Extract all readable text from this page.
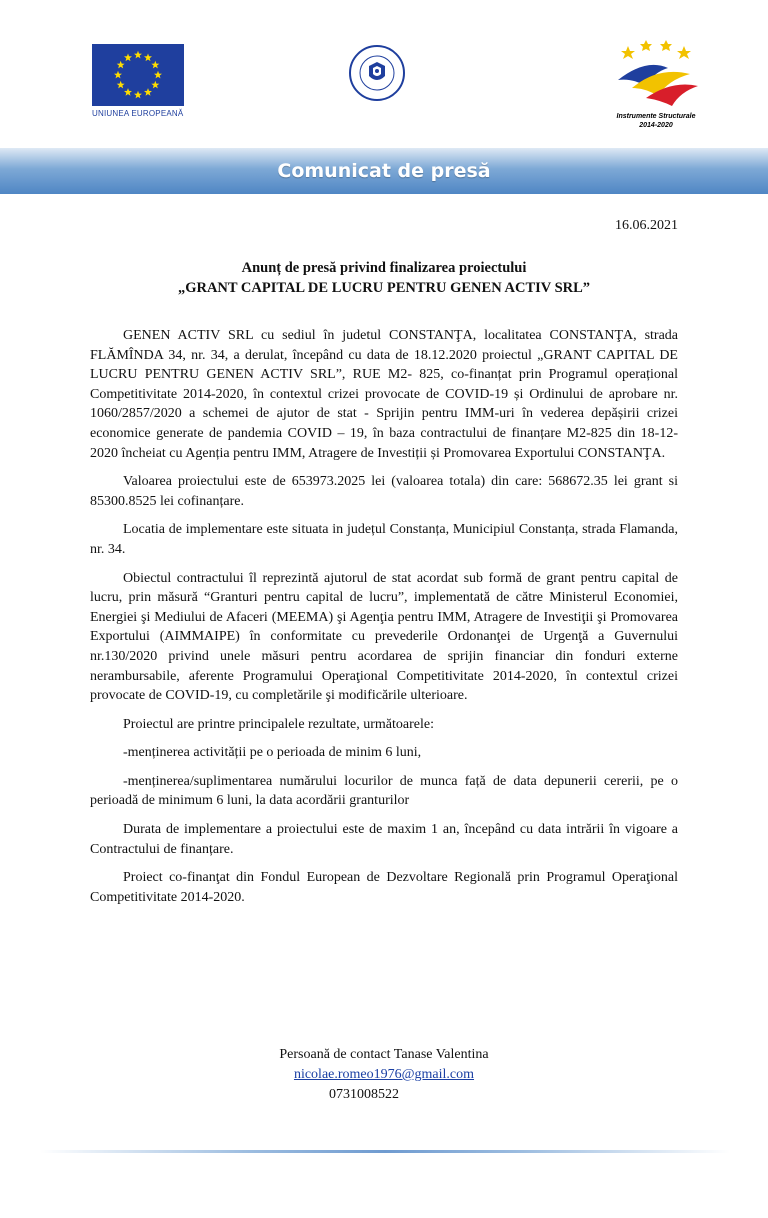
UNIUNEA EUROPEANĂ	Instrumente Structurale
2014-2020
Comunicat de presă
16.06.2021
Anunț de presă privind finalizarea proiectului
„GRANT CAPITAL DE LUCRU PENTRU GENEN ACTIV SRL”

GENEN ACTIV SRL cu sediul în judetul CONSTANŢA, localitatea CONSTANŢA, strada FLĂMÎNDA 34, nr. 34, a derulat, începând cu data de 18.12.2020 proiectul „GRANT CAPITAL DE LUCRU PENTRU GENEN ACTIV SRL”, RUE M2- 825, co-finanțat prin Programul operațional Competitivitate 2014-2020, în contextul crizei provocate de COVID-19 și Ordinului de aprobare nr. 1060/2857/2020 a schemei de ajutor de stat - Sprijin pentru IMM-uri în vederea depășirii crizei economice generate de pandemia COVID – 19, în baza contractului de finanțare M2-825 din 18-12-2020 încheiat cu Agenția pentru IMM, Atragere de Investiții și Promovarea Exportului CONSTANŢA.

Valoarea proiectului este de 653973.2025 lei (valoarea totala) din care: 568672.35 lei grant si 85300.8525 lei cofinanțare.

Locatia de implementare este situata in județul Constanța, Municipiul Constanța, strada Flamanda, nr. 34.

Obiectul contractului îl reprezintă ajutorul de stat acordat sub formă de grant pentru capital de lucru, prin măsură “Granturi pentru capital de lucru”, implementată de către Ministerul Economiei, Energiei şi Mediului de Afaceri (MEEMA) şi Agenţia pentru IMM, Atragere de Investiţii şi Promovarea Exportului (AIMMAIPE) în conformitate cu prevederile Ordonanţei de Urgenţă a Guvernului nr.130/2020 privind unele măsuri pentru acordarea de sprijin financiar din fonduri externe nerambursabile, aferente Programului Operaţional Competitivitate 2014-2020, în contextul crizei provocate de COVID-19, cu completările şi modificările ulterioare.

Proiectul are printre principalele rezultate, următoarele:

-menținerea activității pe o perioada de minim 6 luni,

-menținerea/suplimentarea numărului locurilor de munca față de data depunerii cererii, pe o perioadă de minimum 6 luni, la data acordării granturilor

Durata de implementare a proiectului este de maxim 1 an, începând cu data intrării în vigoare a Contractului de finanțare.

Proiect co-finanţat din Fondul European de Dezvoltare Regională prin Programul Operaţional Competitivitate 2014-2020.

Persoană de contact Tanase Valentina
nicolae.romeo1976@gmail.com
0731008522
